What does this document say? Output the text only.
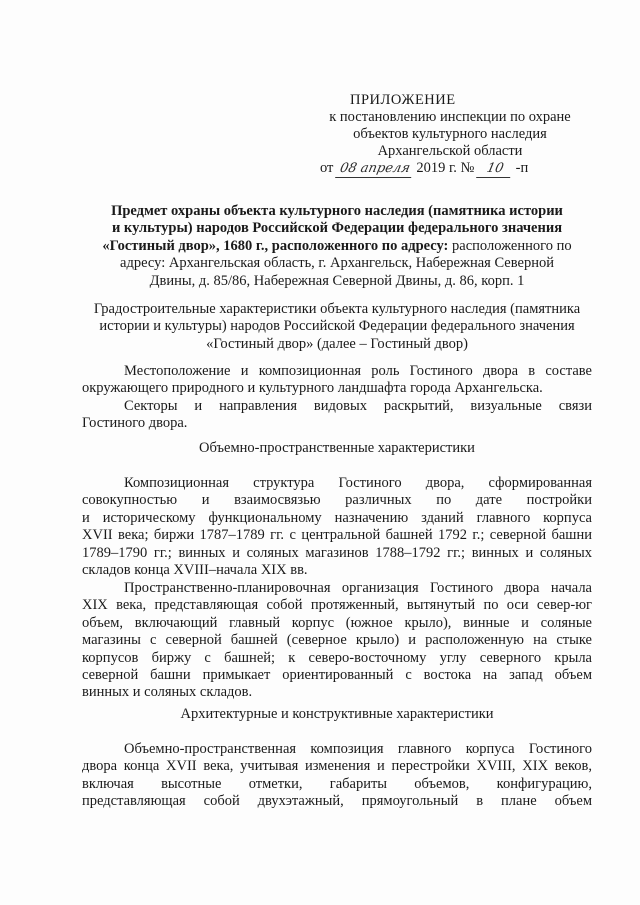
ПРИЛОЖЕНИЕ
к постановлению инспекции по охране
объектов культурного наследия
Архангельской области
от 08 апреля 2019 г. № 10 -п
Предмет охраны объекта культурного наследия (памятника истории
и культуры) народов Российской Федерации федерального значения
«Гостиный двор», 1680 г., расположенного по адресу: расположенного по
адресу: Архангельская область, г. Архангельск, Набережная Северной
Двины, д. 85/86, Набережная Северной Двины, д. 86, корп. 1
Градостроительные характеристики объекта культурного наследия (памятника
истории и культуры) народов Российской Федерации федерального значения
«Гостиный двор» (далее – Гостиный двор)
Местоположение и композиционная роль Гостиного двора в составе
окружающего природного и культурного ландшафта города Архангельска.
Секторы и направления видовых раскрытий, визуальные связи
Гостиного двора.
Объемно-пространственные характеристики
Композиционная структура Гостиного двора, сформированная
совокупностью и взаимосвязью различных по дате постройки
и историческому функциональному назначению зданий главного корпуса
XVII века; биржи 1787–1789 гг. с центральной башней 1792 г.; северной башни
1789–1790 гг.; винных и соляных магазинов 1788–1792 гг.; винных и соляных
складов конца XVIII–начала XIX вв.
Пространственно-планировочная организация Гостиного двора начала
XIX века, представляющая собой протяженный, вытянутый по оси север-юг
объем, включающий главный корпус (южное крыло), винные и соляные
магазины с северной башней (северное крыло) и расположенную на стыке
корпусов биржу с башней; к северо-восточному углу северного крыла
северной башни примыкает ориентированный с востока на запад объем
винных и соляных складов.
Архитектурные и конструктивные характеристики
Объемно-пространственная композиция главного корпуса Гостиного
двора конца XVII века, учитывая изменения и перестройки XVIII, XIX веков,
включая высотные отметки, габариты объемов, конфигурацию,
представляющая собой двухэтажный, прямоугольный в плане объем
